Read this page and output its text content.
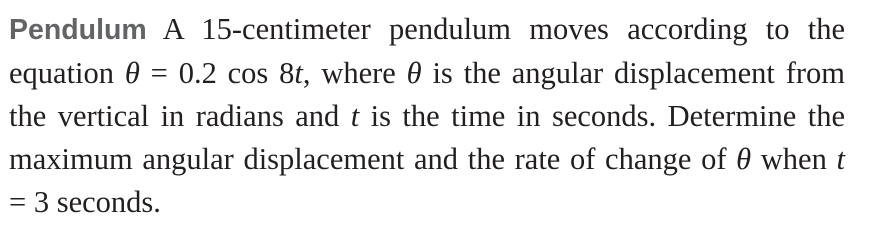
Pendulum A 15-centimeter pendulum moves according to the equation θ = 0.2 cos 8t, where θ is the angular displacement from the vertical in radians and t is the time in seconds. Determine the maximum angular displacement and the rate of change of θ when t = 3 seconds.
